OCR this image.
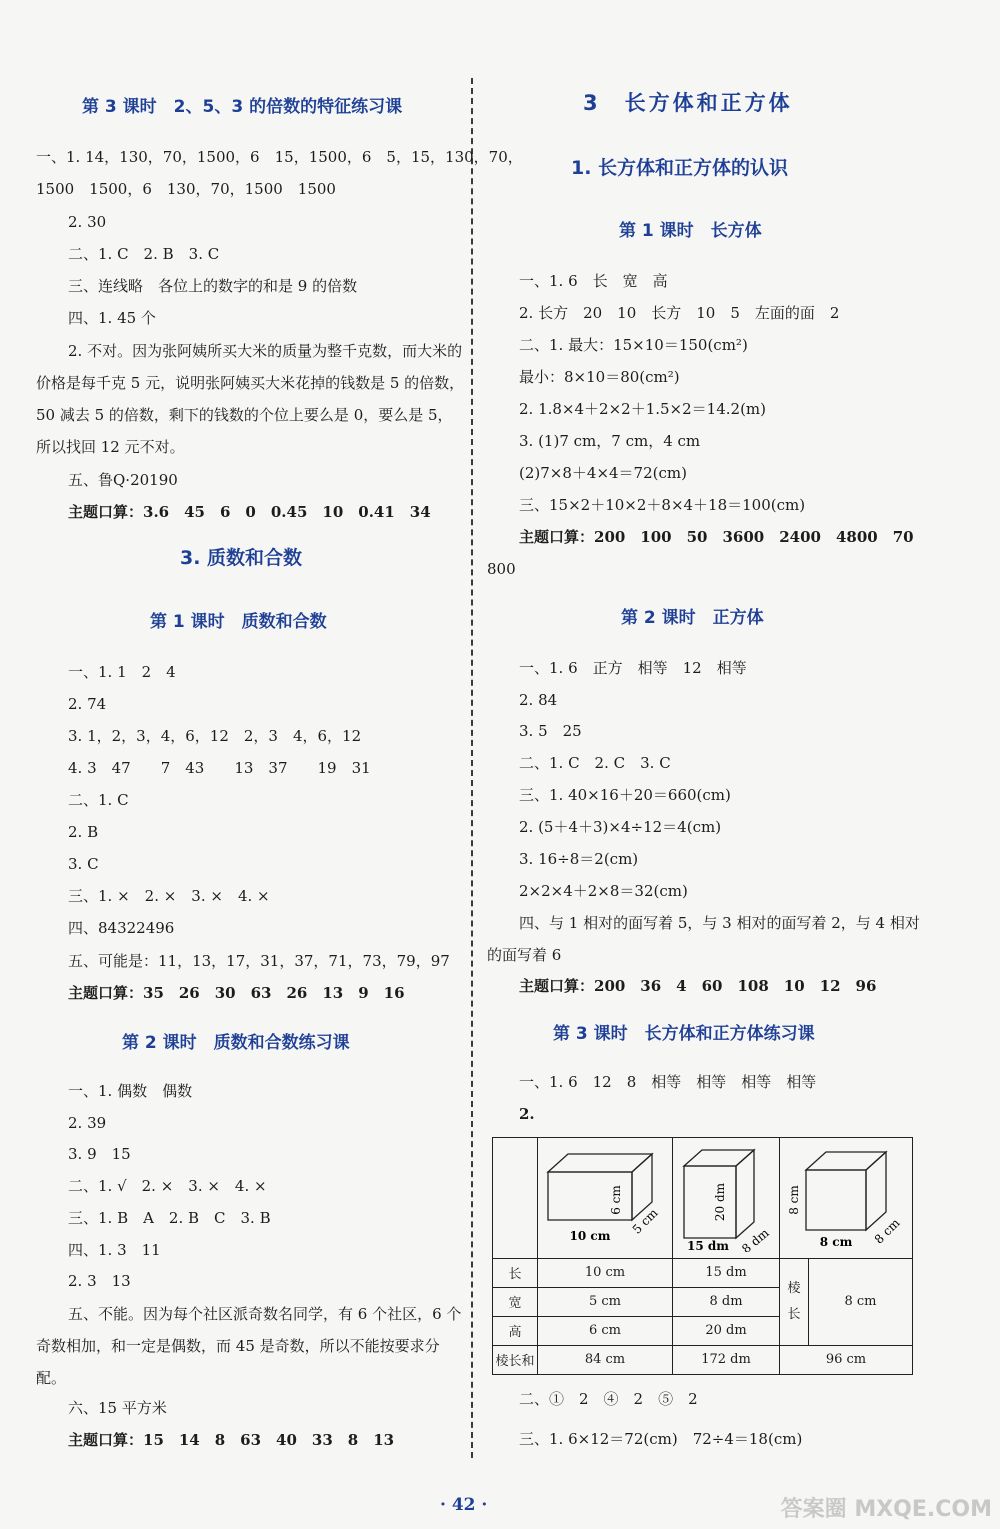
第 3 课时　2、5、3 的倍数的特征练习课
一、1. 14，130，70，1500，6　15，1500，6　5，15，130，70，
1500　1500，6　130，70，1500　1500
2. 30
二、1. C　2. B　3. C
三、连线略　各位上的数字的和是 9 的倍数
四、1. 45 个
2. 不对。因为张阿姨所买大米的质量为整千克数，而大米的价格是每千克 5 元，说明张阿姨买大米花掉的钱数是 5 的倍数，50 减去 5 的倍数，剩下的钱数的个位上要么是 0，要么是 5，所以找回 12 元不对。
五、鲁Q·20190
主题口算：3.6　45　6　0　0.45　10　0.41　34
3. 质数和合数
第 1 课时　质数和合数
一、1. 1　2　4
2. 74
3. 1，2，3，4，6，12　2，3　4，6，12
4. 3　47　　7　43　　13　37　　19　31
二、1. C
2. B
3. C
三、1. ×　2. ×　3. ×　4. ×
四、84322496
五、可能是：11，13，17，31，37，71，73，79，97
主题口算：35　26　30　63　26　13　9　16
第 2 课时　质数和合数练习课
一、1. 偶数　偶数
2. 39
3. 9　15
二、1. √　2. ×　3. ×　4. ×
三、1. B　A　2. B　C　3. B
四、1. 3　11
2. 3　13
五、不能。因为每个社区派奇数名同学，有 6 个社区，6 个奇数相加，和一定是偶数，而 45 是奇数，所以不能按要求分配。
六、15 平方米
主题口算：15　14　8　63　40　33　8　13
3　长方体和正方体
1. 长方体和正方体的认识
第 1 课时　长方体
一、1. 6　长　宽　高
2. 长方　20　10　长方　10　5　左面的面　2
二、1. 最大：15×10＝150(cm²)
最小：8×10＝80(cm²)
2. 1.8×4＋2×2＋1.5×2＝14.2(m)
3. (1)7 cm，7 cm，4 cm
(2)7×8＋4×4＝72(cm)
三、15×2＋10×2＋8×4＋18＝100(cm)
主题口算：200　100　50　3600　2400　4800　70
800
第 2 课时　正方体
一、1. 6　正方　相等　12　相等
2. 84
3. 5　25
二、1. C　2. C　3. C
三、1. 40×16＋20＝660(cm)
2. (5＋4＋3)×4÷12＝4(cm)
3. 16÷8＝2(cm)
2×2×4＋2×8＝32(cm)
四、与 1 相对的面写着 5，与 3 相对的面写着 2，与 4 相对的面写着 6
主题口算：200　36　4　60　108　10　12　96
第 3 课时　长方体和正方体练习课
一、1. 6　12　8　相等　相等　相等　相等
2.
二、①　2　④　2　⑤　2
三、1. 6×12＝72(cm)　72÷4＝18(cm)

6 cm
5 cm
10 cm	20 dm
8 dm
15 dm	8 cm
8 cm
8 cm	

长	10 cm	15 dm	棱长	8 cm
宽	5 cm	8 dm		
高	6 cm	20 dm		
棱长和	84 cm	172 dm	96 cm	
· 42 ·	答案圈 MXQE.COM
